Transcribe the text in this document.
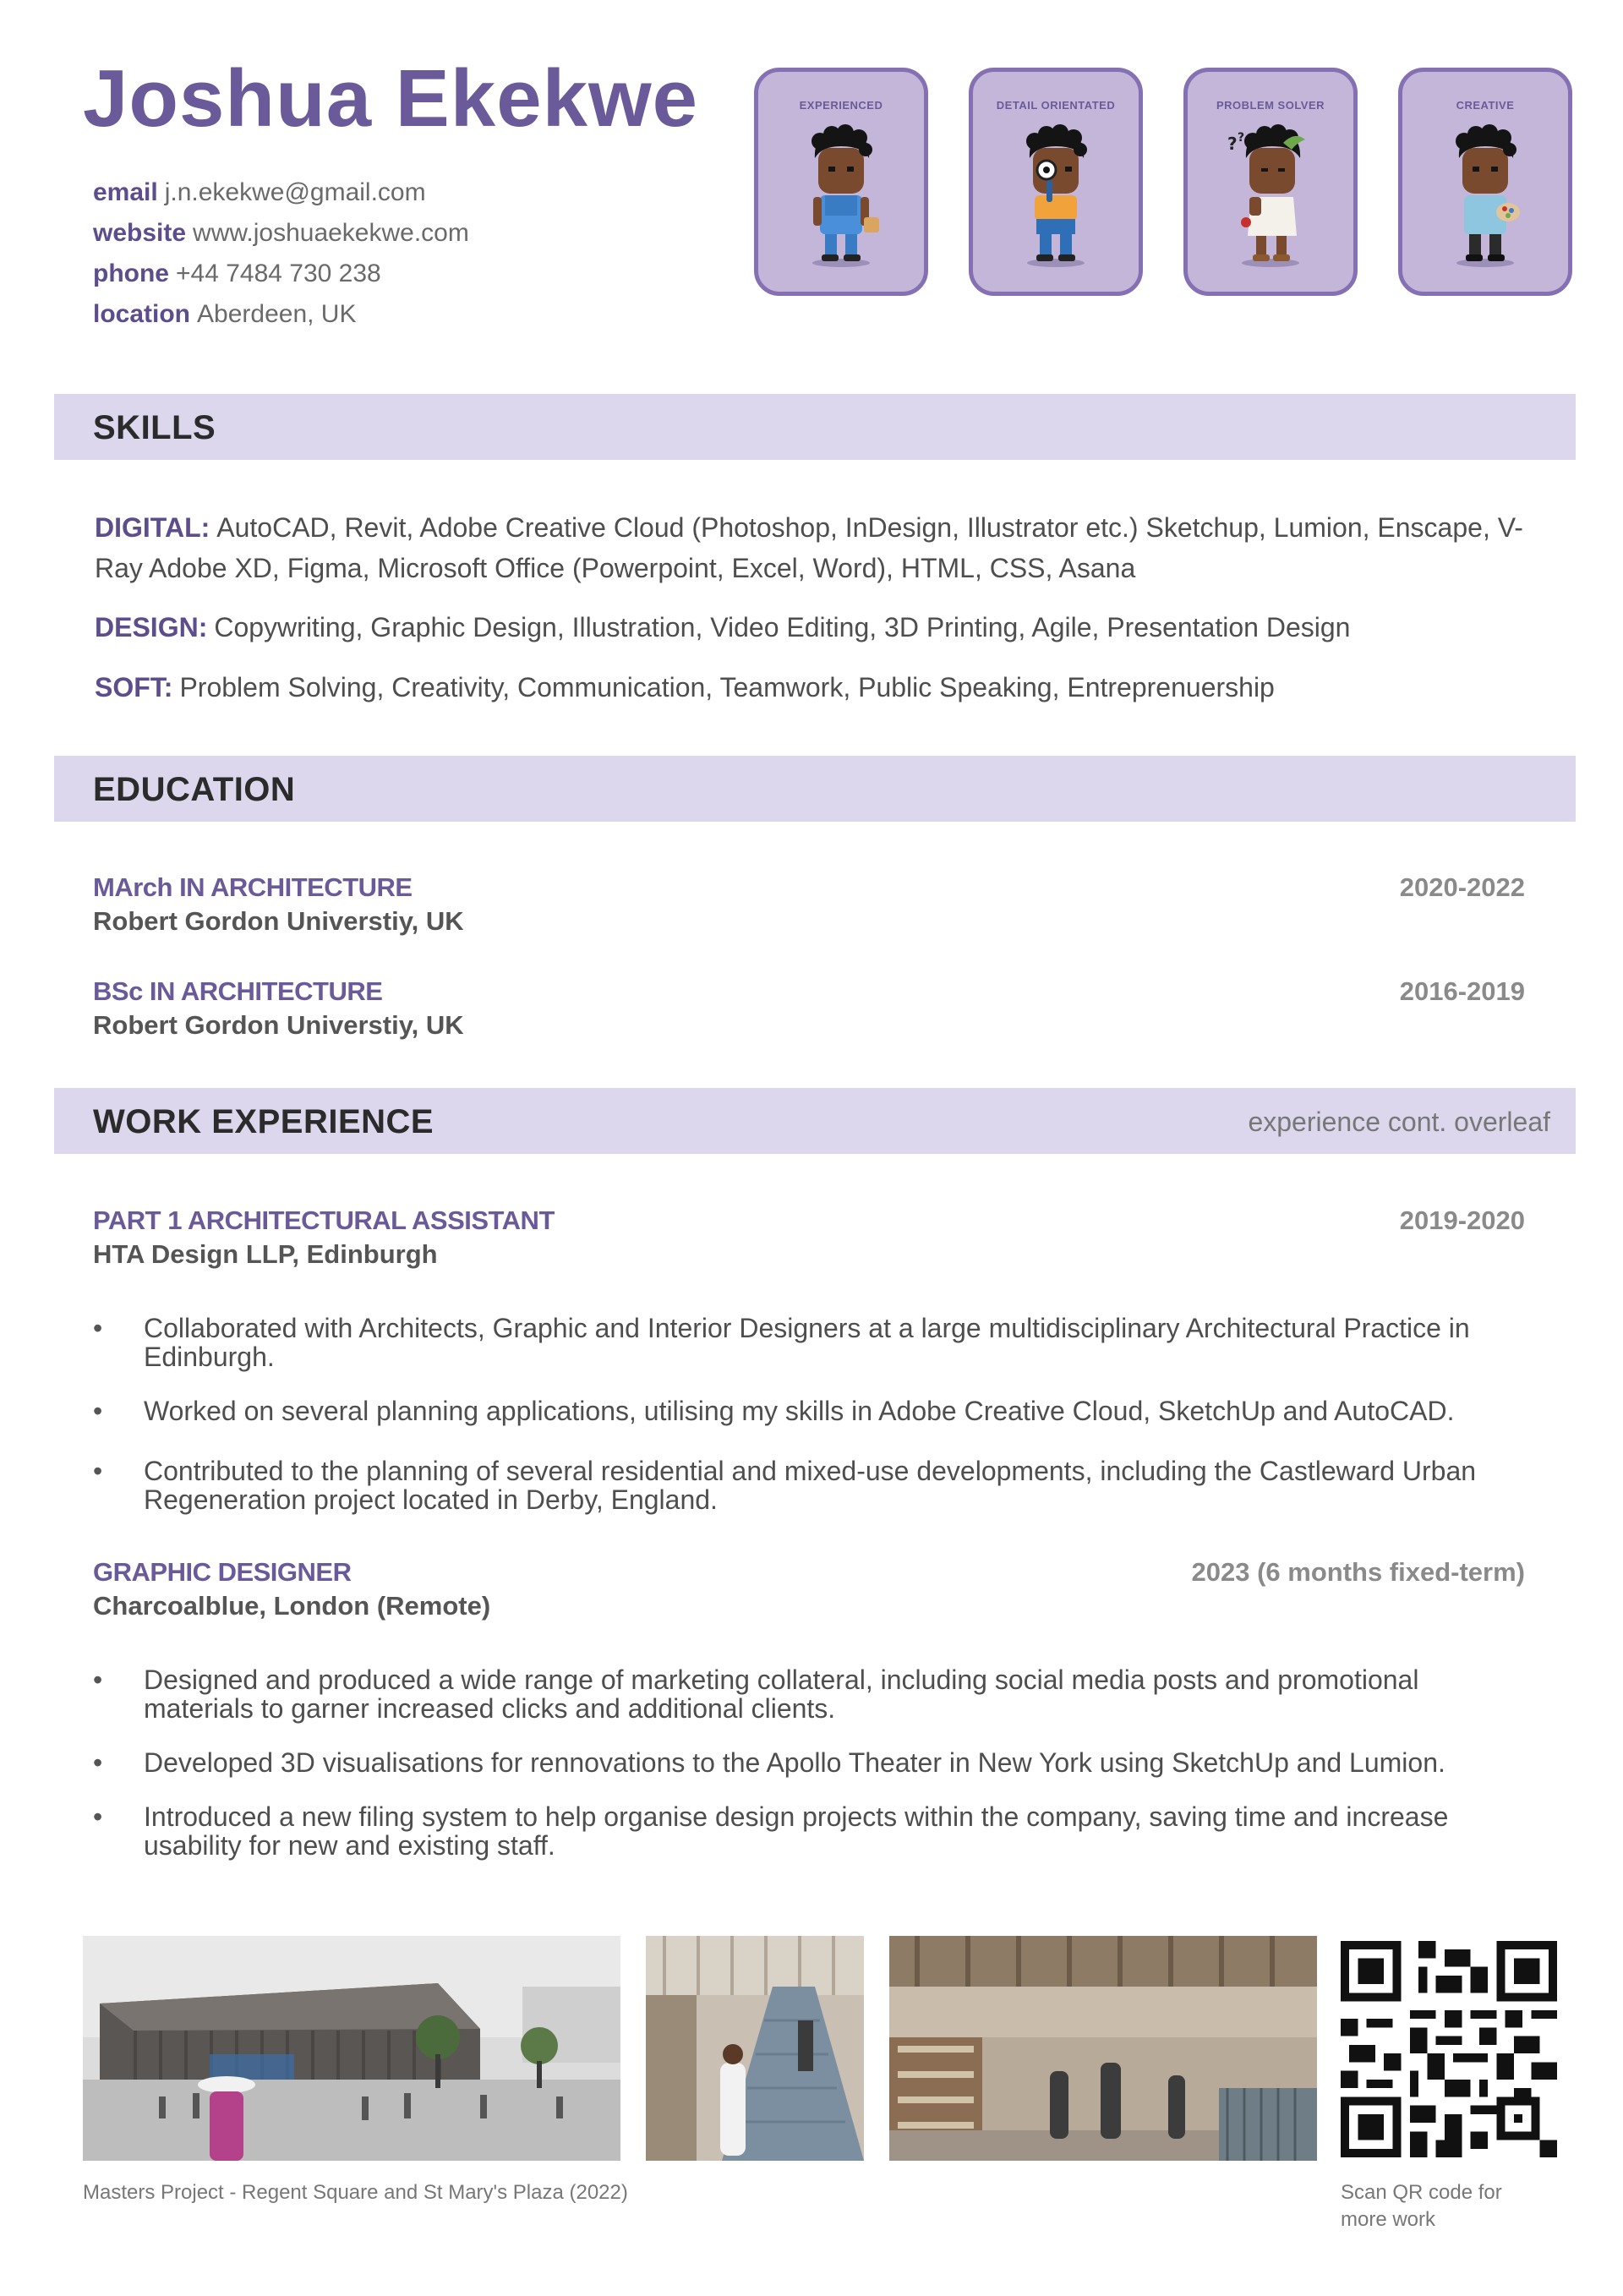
Joshua Ekekwe
email j.n.ekekwe@gmail.com
website www.joshuaekekwe.com
phone +44 7484 730 238
location Aberdeen, UK
EXPERIENCED	DETAIL ORIENTATED	PROBLEM SOLVER
? ?
CREATIVE
SKILLS
DIGITAL: AutoCAD, Revit, Adobe Creative Cloud (Photoshop, InDesign, Illustrator etc.) Sketchup, Lumion, Enscape, V-Ray Adobe XD, Figma, Microsoft Office (Powerpoint, Excel, Word), HTML, CSS, Asana
DESIGN: Copywriting, Graphic Design, Illustration, Video Editing, 3D Printing, Agile, Presentation Design
SOFT: Problem Solving, Creativity, Communication, Teamwork, Public Speaking, Entreprenuership
EDUCATION
MArch IN ARCHITECTURE
Robert Gordon Universtiy, UK
2020-2022
BSc IN ARCHITECTURE
Robert Gordon Universtiy, UK
2016-2019
WORK EXPERIENCE	experience cont. overleaf
PART 1 ARCHITECTURAL ASSISTANT
HTA Design LLP, Edinburgh
2019-2020
•	Collaborated with Architects, Graphic and Interior Designers at a large multidisciplinary Architectural Practice in Edinburgh.
•	Worked on several planning applications, utilising my skills in Adobe Creative Cloud, SketchUp and AutoCAD.
•	Contributed to the planning of several residential and mixed-use developments, including the Castleward Urban Regeneration project located in Derby, England.
GRAPHIC DESIGNER
Charcoalblue, London (Remote)
2023 (6 months fixed-term)
•	Designed and produced a wide range of marketing collateral, including social media posts and promotional materials to garner increased clicks and additional clients.
•	Developed 3D visualisations for rennovations to the Apollo Theater in New York using SketchUp and Lumion.
•	Introduced a new filing system to help organise design projects within the company, saving time and increase usability for new and existing staff.
Masters Project - Regent Square and St Mary's Plaza (2022)	Scan QR code for
more work
